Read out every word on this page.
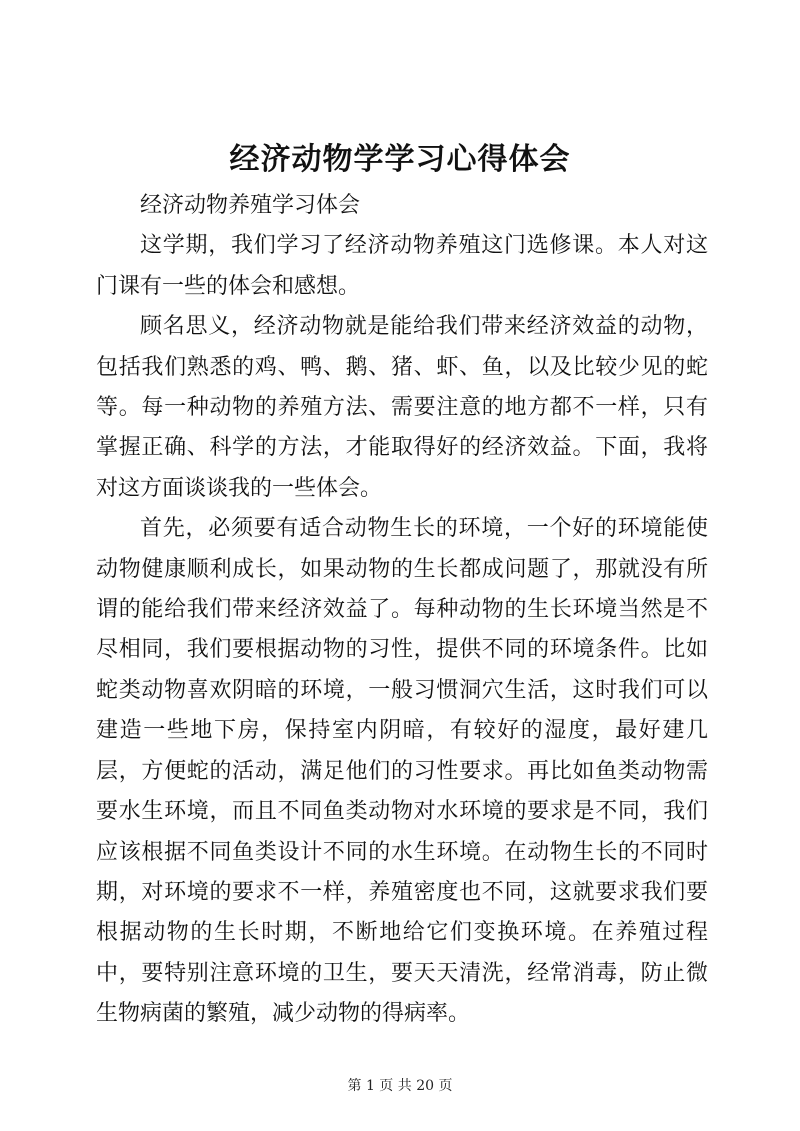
经济动物学学习心得体会

经济动物养殖学习体会

这学期，我们学习了经济动物养殖这门选修课。本人对这门课有一些的体会和感想。

顾名思义，经济动物就是能给我们带来经济效益的动物，包括我们熟悉的鸡、鸭、鹅、猪、虾、鱼，以及比较少见的蛇等。每一种动物的养殖方法、需要注意的地方都不一样，只有掌握正确、科学的方法，才能取得好的经济效益。下面，我将对这方面谈谈我的一些体会。

首先，必须要有适合动物生长的环境，一个好的环境能使动物健康顺利成长，如果动物的生长都成问题了，那就没有所谓的能给我们带来经济效益了。每种动物的生长环境当然是不尽相同，我们要根据动物的习性，提供不同的环境条件。比如蛇类动物喜欢阴暗的环境，一般习惯洞穴生活，这时我们可以建造一些地下房，保持室内阴暗，有较好的湿度，最好建几层，方便蛇的活动，满足他们的习性要求。再比如鱼类动物需要水生环境，而且不同鱼类动物对水环境的要求是不同，我们应该根据不同鱼类设计不同的水生环境。在动物生长的不同时期，对环境的要求不一样，养殖密度也不同，这就要求我们要根据动物的生长时期，不断地给它们变换环境。在养殖过程中，要特别注意环境的卫生，要天天清洗，经常消毒，防止微生物病菌的繁殖，减少动物的得病率。

第 1 页 共 20 页
